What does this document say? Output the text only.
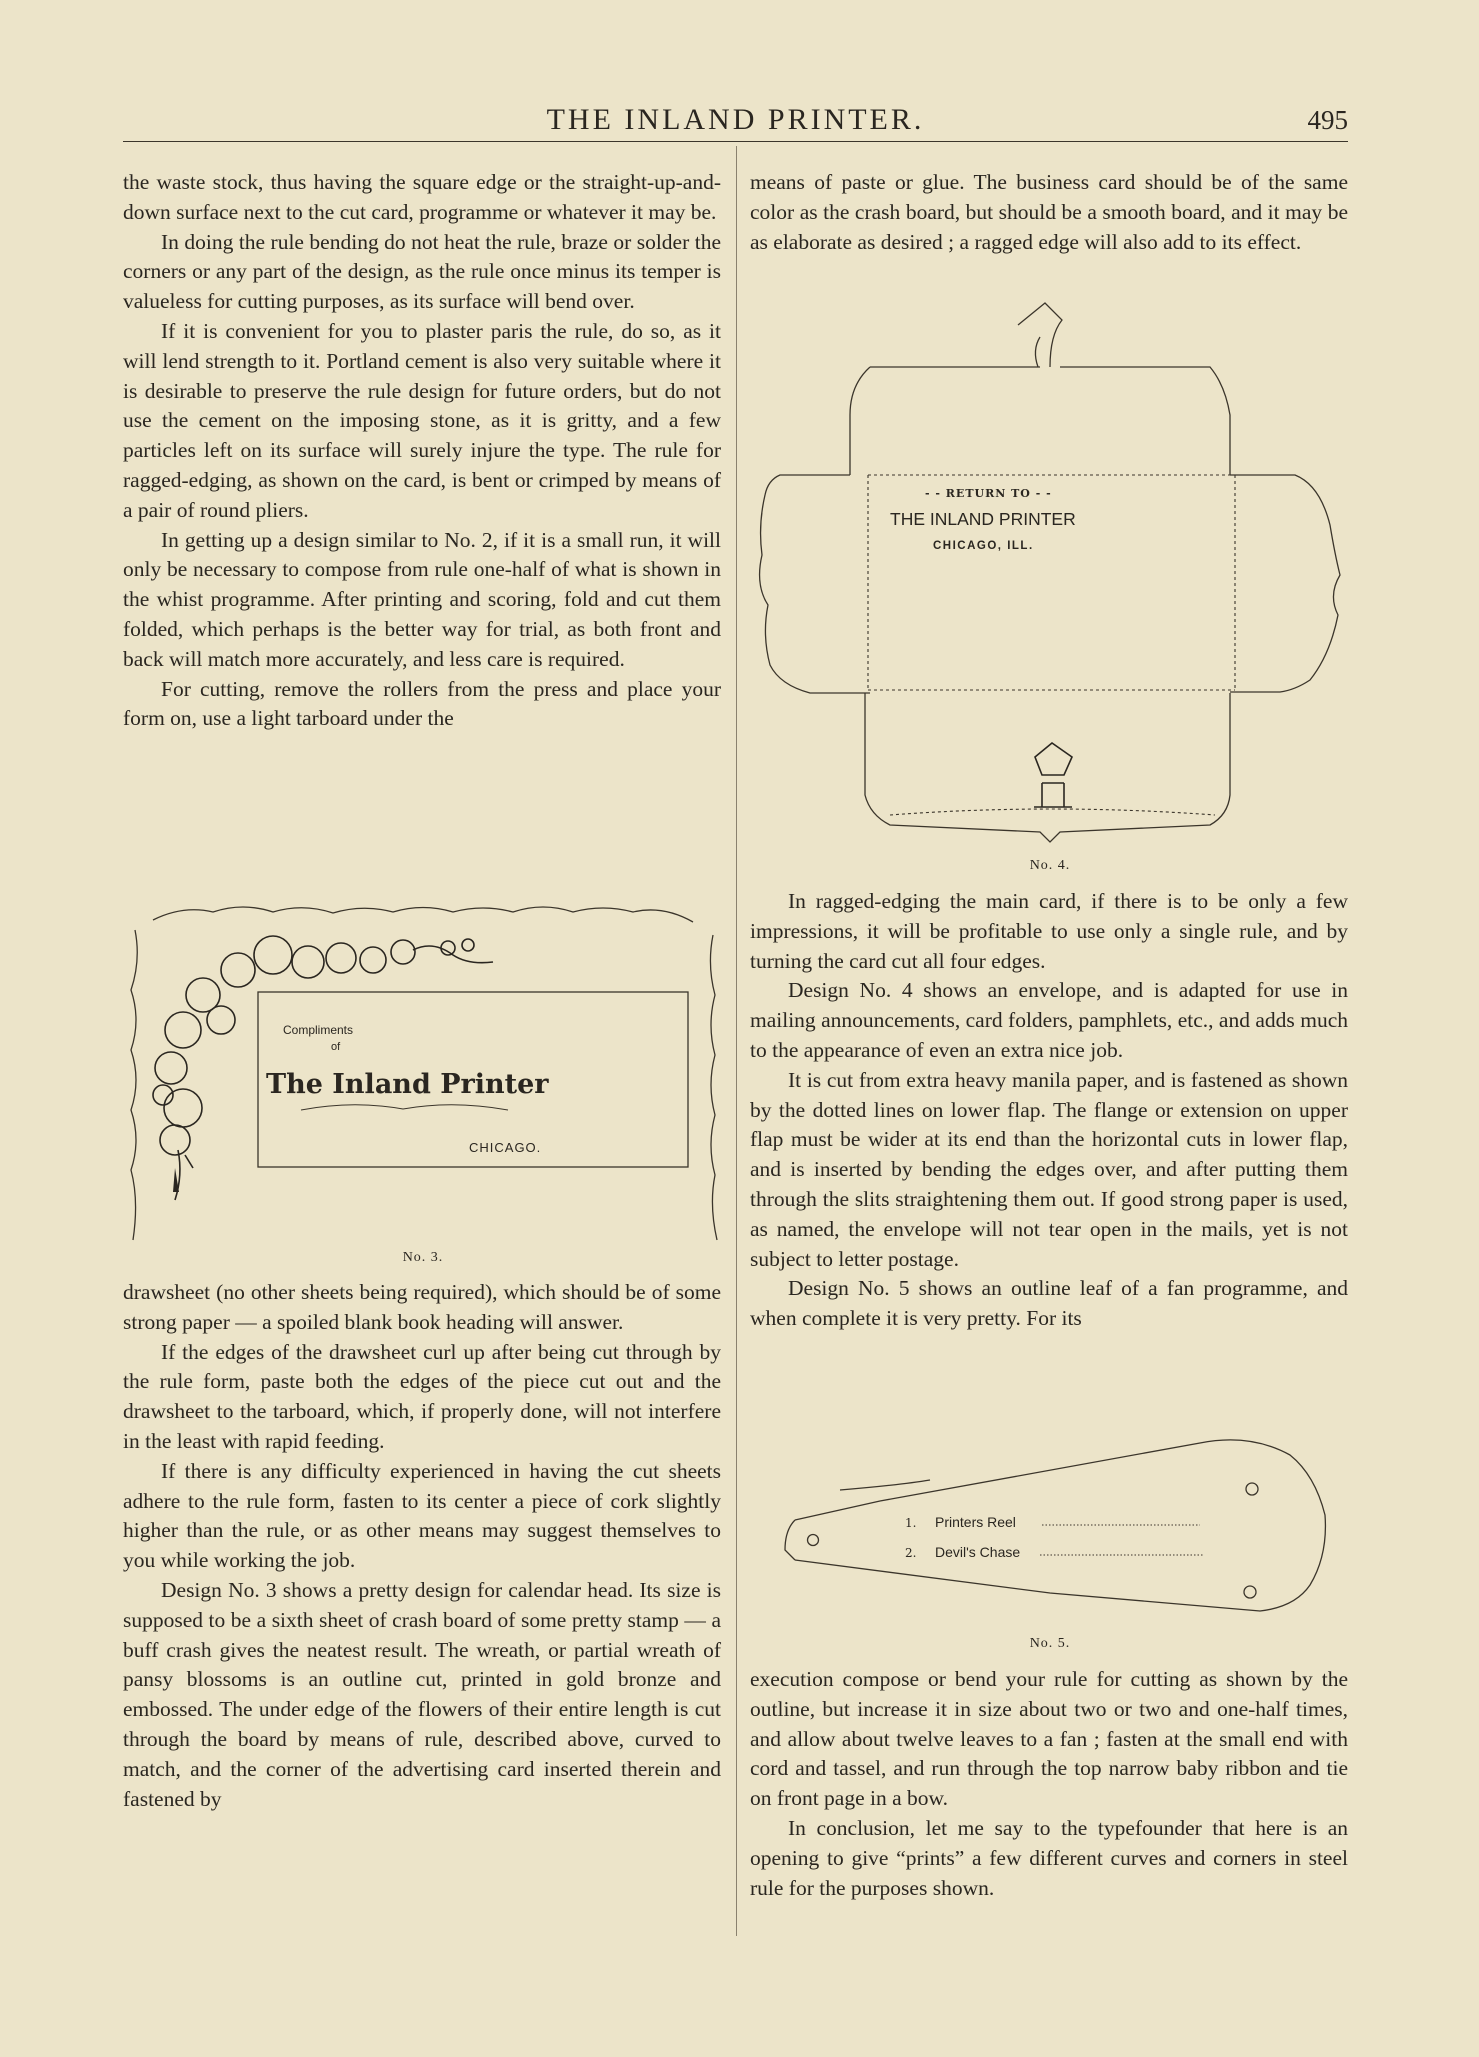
THE INLAND PRINTER.	495

the waste stock, thus having the square edge or the straight-up-and-down surface next to the cut card, programme or whatever it may be.

In doing the rule bending do not heat the rule, braze or solder the corners or any part of the design, as the rule once minus its temper is valueless for cutting purposes, as its surface will bend over.

If it is convenient for you to plaster paris the rule, do so, as it will lend strength to it. Portland cement is also very suitable where it is desirable to preserve the rule design for future orders, but do not use the cement on the imposing stone, as it is gritty, and a few particles left on its surface will surely injure the type. The rule for ragged-edging, as shown on the card, is bent or crimped by means of a pair of round pliers.

In getting up a design similar to No. 2, if it is a small run, it will only be necessary to compose from rule one-half of what is shown in the whist programme. After printing and scoring, fold and cut them folded, which perhaps is the better way for trial, as both front and back will match more accurately, and less care is required.

For cutting, remove the rollers from the press and place your form on, use a light tarboard under the

Compliments
of
The Inland Printer
CHICAGO.
No. 3.

drawsheet (no other sheets being required), which should be of some strong paper — a spoiled blank book heading will answer.

If the edges of the drawsheet curl up after being cut through by the rule form, paste both the edges of the piece cut out and the drawsheet to the tarboard, which, if properly done, will not interfere in the least with rapid feeding.

If there is any difficulty experienced in having the cut sheets adhere to the rule form, fasten to its center a piece of cork slightly higher than the rule, or as other means may suggest themselves to you while working the job.

Design No. 3 shows a pretty design for calendar head. Its size is supposed to be a sixth sheet of crash board of some pretty stamp — a buff crash gives the neatest result. The wreath, or partial wreath of pansy blossoms is an outline cut, printed in gold bronze and embossed. The under edge of the flowers of their entire length is cut through the board by means of rule, described above, curved to match, and the corner of the advertising card inserted therein and fastened by

means of paste or glue. The business card should be of the same color as the crash board, but should be a smooth board, and it may be as elaborate as desired ; a ragged edge will also add to its effect.

- - RETURN TO - -
THE INLAND PRINTER
CHICAGO, ILL.
No. 4.

In ragged-edging the main card, if there is to be only a few impressions, it will be profitable to use only a single rule, and by turning the card cut all four edges.

Design No. 4 shows an envelope, and is adapted for use in mailing announcements, card folders, pamphlets, etc., and adds much to the appearance of even an extra nice job.

It is cut from extra heavy manila paper, and is fastened as shown by the dotted lines on lower flap. The flange or extension on upper flap must be wider at its end than the horizontal cuts in lower flap, and is inserted by bending the edges over, and after putting them through the slits straightening them out. If good strong paper is used, as named, the envelope will not tear open in the mails, yet is not subject to letter postage.

Design No. 5 shows an outline leaf of a fan programme, and when complete it is very pretty. For its

1. Printers Reel
2. Devil's Chase
No. 5.

execution compose or bend your rule for cutting as shown by the outline, but increase it in size about two or two and one-half times, and allow about twelve leaves to a fan ; fasten at the small end with cord and tassel, and run through the top narrow baby ribbon and tie on front page in a bow.

In conclusion, let me say to the typefounder that here is an opening to give “prints” a few different curves and corners in steel rule for the purposes shown.
